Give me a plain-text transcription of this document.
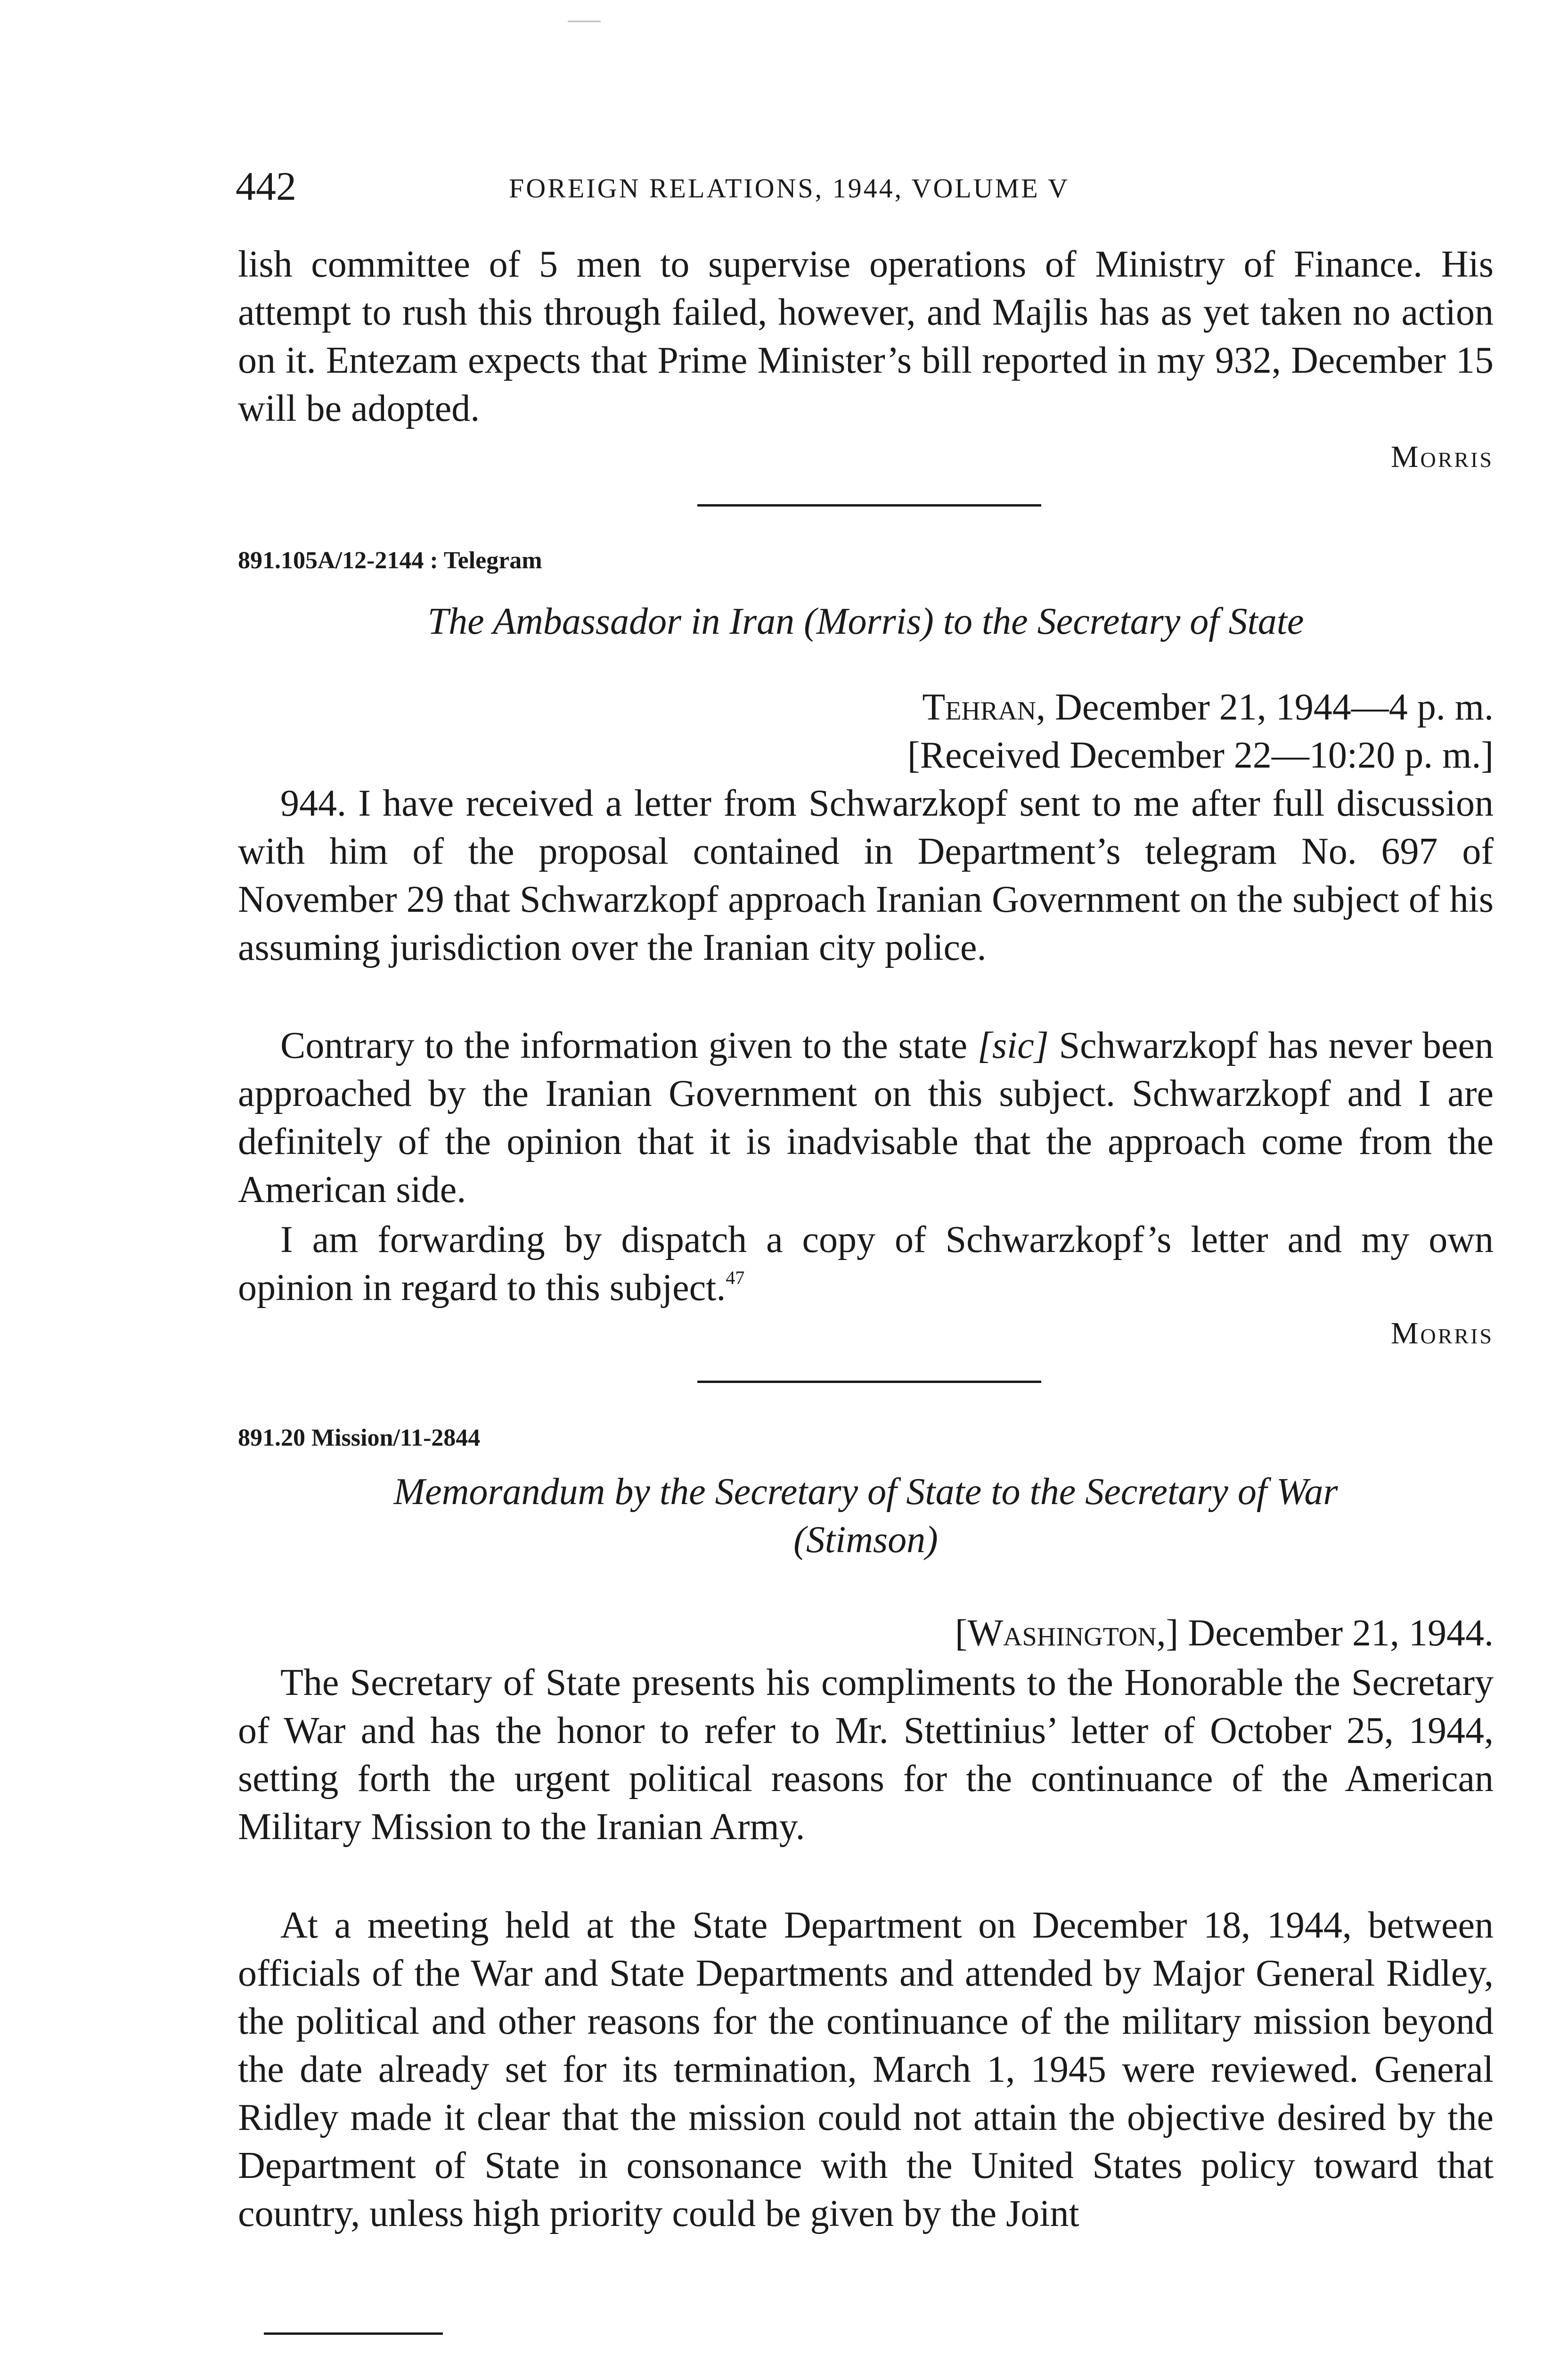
442	FOREIGN RELATIONS, 1944, VOLUME V

lish committee of 5 men to supervise operations of Ministry of Finance. His attempt to rush this through failed, however, and Majlis has as yet taken no action on it. Entezam expects that Prime Minister’s bill reported in my 932, December 15 will be adopted.

Morris
891.105A/12-2144 : Telegram
The Ambassador in Iran (Morris) to the Secretary of State
Tehran, December 21, 1944—4 p. m.
[Received December 22—10:20 p. m.]

944. I have received a letter from Schwarzkopf sent to me after full discussion with him of the proposal contained in Department’s telegram No. 697 of November 29 that Schwarzkopf approach Iranian Government on the subject of his assuming jurisdiction over the Iranian city police.

Contrary to the information given to the state [sic] Schwarzkopf has never been approached by the Iranian Government on this subject. Schwarzkopf and I are definitely of the opinion that it is inadvisable that the approach come from the American side.

I am forwarding by dispatch a copy of Schwarzkopf’s letter and my own opinion in regard to this subject.$^{47}$

Morris
891.20 Mission/11-2844
Memorandum by the Secretary of State to the Secretary of War
(Stimson)
[Washington,] December 21, 1944.

The Secretary of State presents his compliments to the Honorable the Secretary of War and has the honor to refer to Mr. Stettinius’ letter of October 25, 1944, setting forth the urgent political reasons for the continuance of the American Military Mission to the Iranian Army.

At a meeting held at the State Department on December 18, 1944, between officials of the War and State Departments and attended by Major General Ridley, the political and other reasons for the continuance of the military mission beyond the date already set for its termination, March 1, 1945 were reviewed. General Ridley made it clear that the mission could not attain the objective desired by the Department of State in consonance with the United States policy toward that country, unless high priority could be given by the Joint
